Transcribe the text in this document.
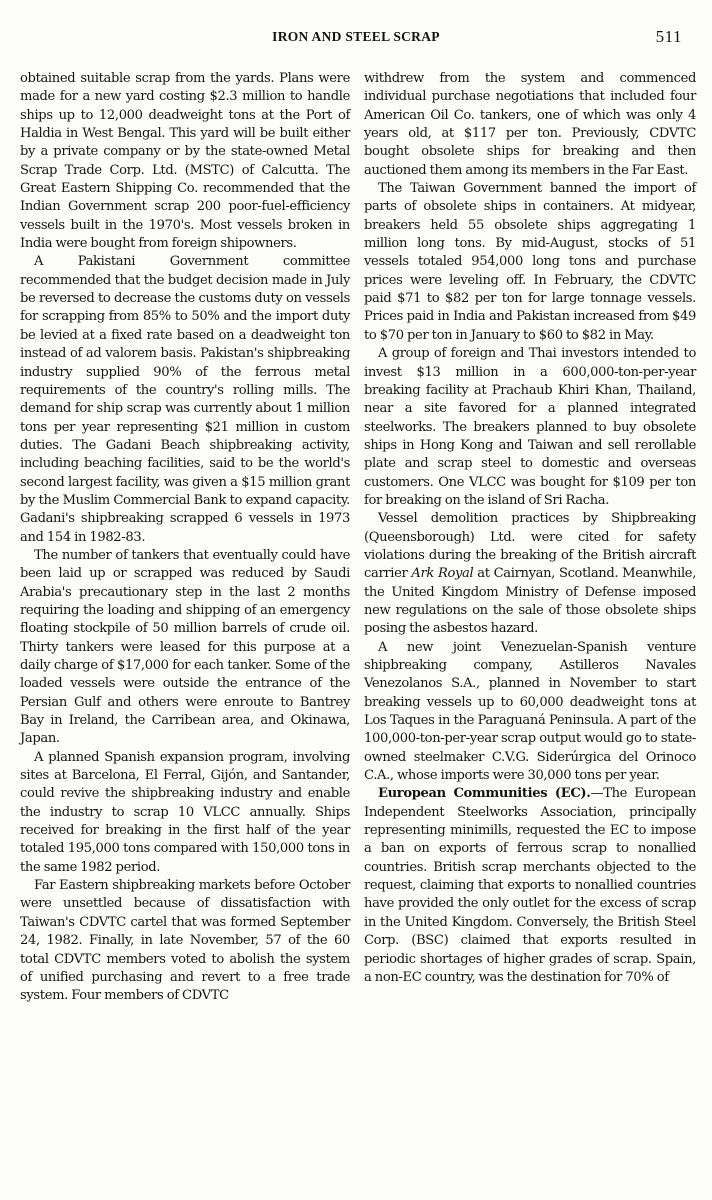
IRON AND STEEL SCRAP	511

obtained suitable scrap from the yards. Plans were made for a new yard costing $2.3 million to handle ships up to 12,000 deadweight tons at the Port of Haldia in West Bengal. This yard will be built either by a private company or by the state-owned Metal Scrap Trade Corp. Ltd. (MSTC) of Calcutta. The Great Eastern Shipping Co. recommended that the Indian Government scrap 200 poor-fuel-efficiency vessels built in the 1970's. Most vessels broken in India were bought from foreign shipowners.

A Pakistani Government committee recommended that the budget decision made in July be reversed to decrease the customs duty on vessels for scrapping from 85% to 50% and the import duty be levied at a fixed rate based on a deadweight ton instead of ad valorem basis. Pakistan's shipbreaking industry supplied 90% of the ferrous metal requirements of the country's rolling mills. The demand for ship scrap was currently about 1 million tons per year representing $21 million in custom duties. The Gadani Beach shipbreaking activity, including beaching facilities, said to be the world's second largest facility, was given a $15 million grant by the Muslim Commercial Bank to expand capacity. Gadani's shipbreaking scrapped 6 vessels in 1973 and 154 in 1982-83.

The number of tankers that eventually could have been laid up or scrapped was reduced by Saudi Arabia's precautionary step in the last 2 months requiring the loading and shipping of an emergency floating stockpile of 50 million barrels of crude oil. Thirty tankers were leased for this purpose at a daily charge of $17,000 for each tanker. Some of the loaded vessels were outside the entrance of the Persian Gulf and others were enroute to Bantrey Bay in Ireland, the Carribean area, and Okinawa, Japan.

A planned Spanish expansion program, involving sites at Barcelona, El Ferral, Gijón, and Santander, could revive the shipbreaking industry and enable the industry to scrap 10 VLCC annually. Ships received for breaking in the first half of the year totaled 195,000 tons compared with 150,000 tons in the same 1982 period.

Far Eastern shipbreaking markets before October were unsettled because of dissatisfaction with Taiwan's CDVTC cartel that was formed September 24, 1982. Finally, in late November, 57 of the 60 total CDVTC members voted to abolish the system of unified purchasing and revert to a free trade system. Four members of CDVTC

withdrew from the system and commenced individual purchase negotiations that included four American Oil Co. tankers, one of which was only 4 years old, at $117 per ton. Previously, CDVTC bought obsolete ships for breaking and then auctioned them among its members in the Far East.

The Taiwan Government banned the import of parts of obsolete ships in containers. At midyear, breakers held 55 obsolete ships aggregating 1 million long tons. By mid-August, stocks of 51 vessels totaled 954,000 long tons and purchase prices were leveling off. In February, the CDVTC paid $71 to $82 per ton for large tonnage vessels. Prices paid in India and Pakistan increased from $49 to $70 per ton in January to $60 to $82 in May.

A group of foreign and Thai investors intended to invest $13 million in a 600,000-ton-per-year breaking facility at Prachaub Khiri Khan, Thailand, near a site favored for a planned integrated steelworks. The breakers planned to buy obsolete ships in Hong Kong and Taiwan and sell rerollable plate and scrap steel to domestic and overseas customers. One VLCC was bought for $109 per ton for breaking on the island of Sri Racha.

Vessel demolition practices by Shipbreaking (Queensborough) Ltd. were cited for safety violations during the breaking of the British aircraft carrier Ark Royal at Cairnyan, Scotland. Meanwhile, the United Kingdom Ministry of Defense imposed new regulations on the sale of those obsolete ships posing the asbestos hazard.

A new joint Venezuelan-Spanish venture shipbreaking company, Astilleros Navales Venezolanos S.A., planned in November to start breaking vessels up to 60,000 deadweight tons at Los Taques in the Paraguaná Peninsula. A part of the 100,000-ton-per-year scrap output would go to state-owned steelmaker C.V.G. Siderúrgica del Orinoco C.A., whose imports were 30,000 tons per year.

European Communities (EC).—The European Independent Steelworks Association, principally representing minimills, requested the EC to impose a ban on exports of ferrous scrap to nonallied countries. British scrap merchants objected to the request, claiming that exports to nonallied countries have provided the only outlet for the excess of scrap in the United Kingdom. Conversely, the British Steel Corp. (BSC) claimed that exports resulted in periodic shortages of higher grades of scrap. Spain, a non-EC country, was the destination for 70% of
